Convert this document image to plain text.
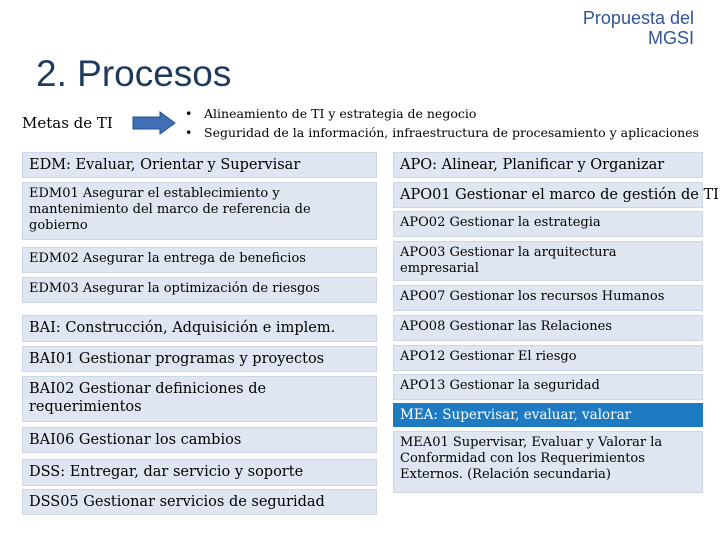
Propuesta del MGSI
2. Procesos
Metas de TI
• Alineamiento de TI y estrategia de negocio
• Seguridad de la información, infraestructura de procesamiento y aplicaciones
EDM: Evaluar, Orientar y Supervisar
EDM01 Asegurar el establecimiento y mantenimiento del marco de referencia de gobierno
EDM02 Asegurar la entrega de beneficios
EDM03 Asegurar la optimización de riesgos
BAI: Construcción, Adquisición e implem.
BAI01 Gestionar programas y proyectos
BAI02 Gestionar definiciones de requerimientos
BAI06 Gestionar los cambios
DSS: Entregar, dar servicio y soporte
DSS05 Gestionar servicios de seguridad
APO: Alinear, Planificar y Organizar
APO01 Gestionar el marco de gestión de TI
APO02 Gestionar la estrategia
APO03 Gestionar la arquitectura empresarial
APO07 Gestionar los recursos Humanos
APO08 Gestionar las Relaciones
APO12 Gestionar El riesgo
APO13 Gestionar la seguridad
MEA: Supervisar, evaluar, valorar
MEA01 Supervisar, Evaluar y Valorar la Conformidad con los Requerimientos Externos. (Relación secundaria)
